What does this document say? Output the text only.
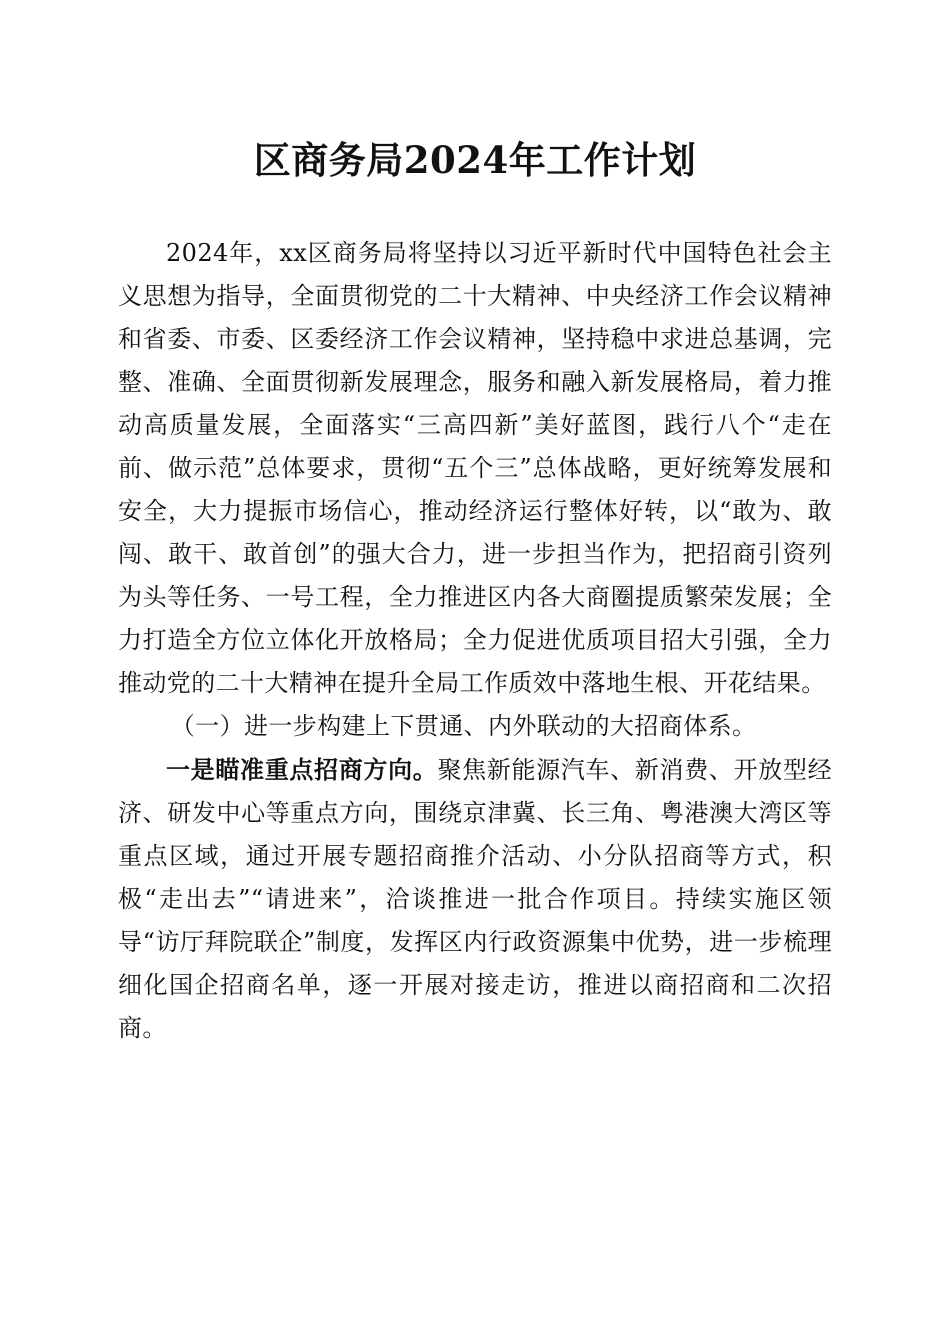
区商务局2024年工作计划

2024年，xx区商务局将坚持以习近平新时代中国特色社会主义思想为指导，全面贯彻党的二十大精神、中央经济工作会议精神和省委、市委、区委经济工作会议精神，坚持稳中求进总基调，完整、准确、全面贯彻新发展理念，服务和融入新发展格局，着力推动高质量发展，全面落实“三高四新”美好蓝图，践行八个“走在前、做示范”总体要求，贯彻“五个三”总体战略，更好统筹发展和安全，大力提振市场信心，推动经济运行整体好转，以“敢为、敢闯、敢干、敢首创”的强大合力，进一步担当作为，把招商引资列为头等任务、一号工程，全力推进区内各大商圈提质繁荣发展；全力打造全方位立体化开放格局；全力促进优质项目招大引强，全力推动党的二十大精神在提升全局工作质效中落地生根、开花结果。

（一）进一步构建上下贯通、内外联动的大招商体系。

一是瞄准重点招商方向。聚焦新能源汽车、新消费、开放型经济、研发中心等重点方向，围绕京津冀、长三角、粤港澳大湾区等重点区域，通过开展专题招商推介活动、小分队招商等方式，积极“走出去”“请进来”，洽谈推进一批合作项目。持续实施区领导“访厅拜院联企”制度，发挥区内行政资源集中优势，进一步梳理细化国企招商名单，逐一开展对接走访，推进以商招商和二次招商。
